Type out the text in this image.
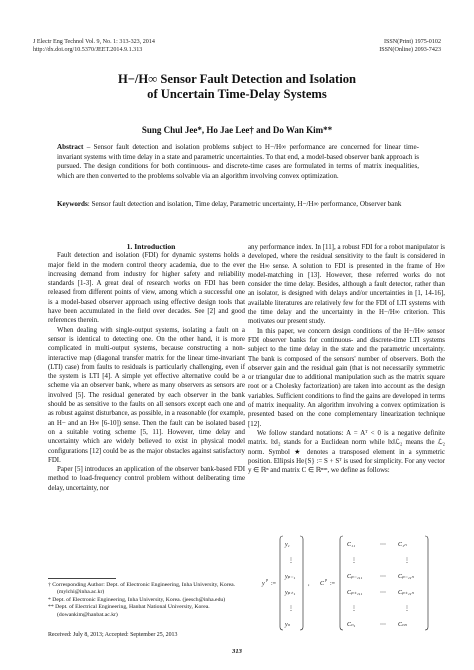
J Electr Eng Technol Vol. 9, No. 1: 313-323, 2014
http://dx.doi.org/10.5370/JEET.2014.9.1.313
ISSN(Print) 1975-0102
ISSN(Online) 2093-7423
H−/H∞ Sensor Fault Detection and Isolation
of Uncertain Time-Delay Systems
Sung Chul Jee*, Ho Jae Lee† and Do Wan Kim**
Abstract – Sensor fault detection and isolation problems subject to H−/H∞ performance are concerned for linear time-invariant systems with time delay in a state and parametric uncertainties. To that end, a model-based observer bank approach is pursued. The design conditions for both continuous- and discrete-time cases are formulated in terms of matrix inequalities, which are then converted to the problems solvable via an algorithm involving convex optimization.
Keywords: Sensor fault detection and isolation, Time delay, Parametric uncertainty, H−/H∞ performance, Observer bank

1. Introduction

Fault detection and isolation (FDI) for dynamic systems holds a major field in the modern control theory academia, due to the ever increasing demand from industry for higher safety and reliability standards [1-3]. A great deal of research works on FDI has been released from different points of view, among which a successful one is a model-based observer approach using effective design tools that have been accumulated in the field over decades. See [2] and good references therein.

When dealing with single-output systems, isolating a fault on a sensor is identical to detecting one. On the other hand, it is more complicated in multi-output systems, because constructing a non-interactive map (diagonal transfer matrix for the linear time-invariant (LTI) case) from faults to residuals is particularly challenging, even if the system is LTI [4]. A simple yet effective alternative could be a scheme via an observer bank, where as many observers as sensors are involved [5]. The residual generated by each observer in the bank should be as sensitive to the faults on all sensors except each one and as robust against disturbance, as possible, in a reasonable (for example, an H− and an H∞ [6-10]) sense. Then the fault can be isolated based on a suitable voting scheme [5, 11]. However, time delay and uncertainty which are widely believed to exist in physical model configurations [12] could be as the major obstacles against satisfactory FDI.

Paper [5] introduces an application of the observer bank-based FDI method to load-frequency control problem without deliberating time delay, uncertainty, nor

† Corresponding Author: Dept. of Electronic Engineering, Inha University, Korea. (mylchi@inha.ac.kr)
* Dept. of Electronic Engineering, Inha University, Korea. (jeesch@inha.edu)
** Dept. of Electrical Engineering, Hanbat National University, Korea. (dowankim@hanbat.ac.kr)
Received: July 8, 2013; Accepted: September 25, 2013

any performance index. In [11], a robust FDI for a robot manipulator is developed, where the residual sensitivity to the fault is considered in the H∞ sense. A solution to FDI is presented in the frame of H∞ model-matching in [13]. However, these referred works do not consider the time delay. Besides, although a fault detector, rather than an isolator, is designed with delays and/or uncertainties in [1, 14-16], available literatures are relatively few for the FDI of LTI systems with the time delay and the uncertainty in the H−/H∞ criterion. This motivates our present study.

In this paper, we concern design conditions of the H−/H∞ sensor FDI observer banks for continuous- and discrete-time LTI systems subject to the time delay in the state and the parametric uncertainty. The bank is composed of the sensors' number of observers. Both the observer gain and the residual gain (that is not necessarily symmetric or triangular due to additional manipulation such as the matrix square root or a Cholesky factorization) are taken into account as the design variables. Sufficient conditions to find the gains are developed in terms of matrix inequality. An algorithm involving a convex optimization is presented based on the cone complementary linearization technique [12].

We follow standard notations: A = Aᵀ < 0 is a negative definite matrix. ‖x‖₂ stands for a Euclidean norm while ‖x‖ℒ₂ means the ℒ₂ norm. Symbol ★ denotes a transposed element in a symmetric position. Ellipsis He{S} := S + Sᵀ is used for simplicity. For any vector y ∈ ℝⁿ and matrix C ∈ ℝⁿˣⁿ, we define as follows:

y
p
:=
y₁
⋮
yₚ₋₁
yₚ₊₁
⋮
yₙ
, C
p
:=
C₁₁	⋯ C₁ₙ
⋮	⋮
Cₚ₋₁,₁	⋯ Cₚ₋₁,ₙ
Cₚ₊₁,₁	⋯ Cₚ₊₁,ₙ
⋮	⋮
Cₙ₁	⋯ Cₙₙ
313
